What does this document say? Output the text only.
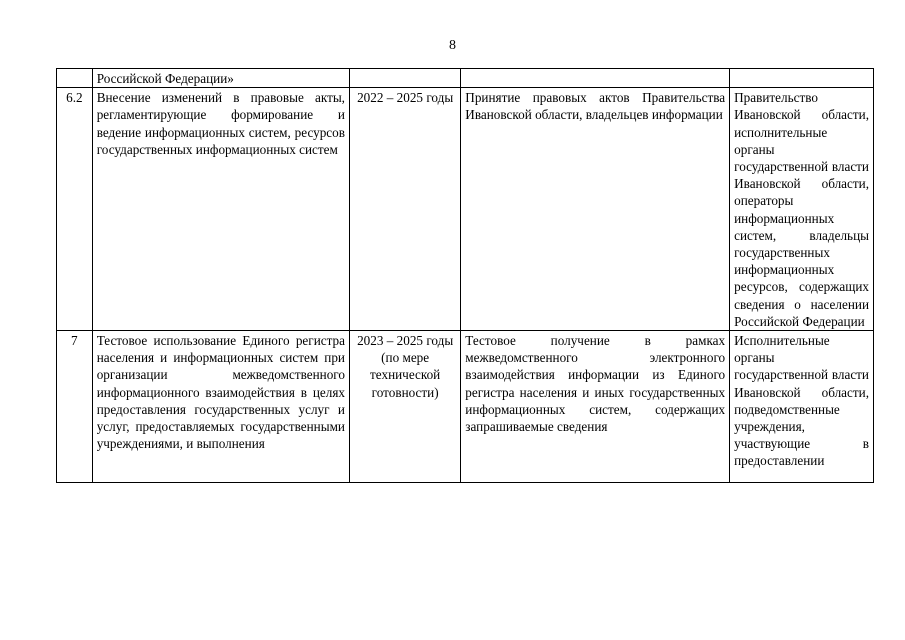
8
	Российской Федерации»			
6.2	Внесение изменений в правовые акты, регламентирующие формирование и ведение информационных систем, ресурсов государственных информационных систем	2022 – 2025 годы	Принятие правовых актов Правительства Ивановской области, владельцев информации	Правительство Ивановской области, исполнительные органы государственной власти Ивановской области, операторы информационных систем, владельцы государственных информационных ресурсов, содержащих сведения о населении Российской Федерации
7	Тестовое использование Единого регистра населения и информационных систем при организации межведомственного информационного взаимодействия в целях предоставления государственных услуг и услуг, предоставляемых государственными учреждениями, и выполнения	2023 – 2025 годы (по мере технической готовности)	Тестовое получение в рамках межведомственного электронного взаимодействия информации из Единого регистра населения и иных государственных информационных систем, содержащих запрашиваемые сведения	Исполнительные органы государственной власти Ивановской области, подведомственные учреждения, участвующие в предоставлении
